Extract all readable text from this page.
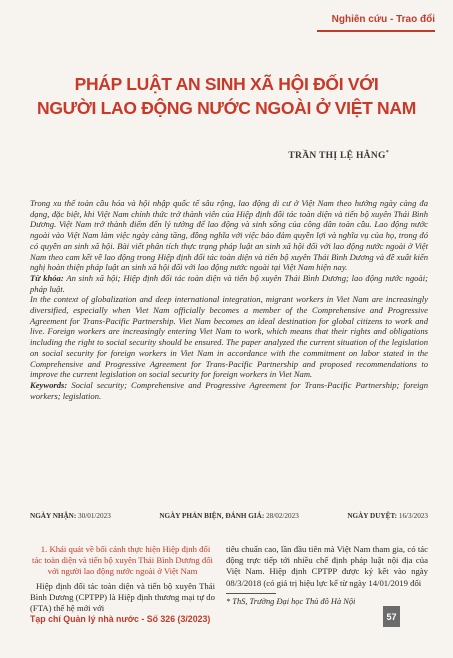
Nghiên cứu - Trao đổi
PHÁP LUẬT AN SINH XÃ HỘI ĐỐI VỚI
NGƯỜI LAO ĐỘNG NƯỚC NGOÀI Ở VIỆT NAM
TRẦN THỊ LỆ HẰNG*

Trong xu thế toàn cầu hóa và hội nhập quốc tế sâu rộng, lao động di cư ở Việt Nam theo hướng ngày càng đa dạng, đặc biệt, khi Việt Nam chính thức trở thành viên của Hiệp định đối tác toàn diện và tiến bộ xuyên Thái Bình Dương. Việt Nam trở thành điểm đến lý tưởng để lao động và sinh sống của công dân toàn cầu. Lao động nước ngoài vào Việt Nam làm việc ngày càng tăng, đồng nghĩa với việc bảo đảm quyền lợi và nghĩa vụ của họ, trong đó có quyền an sinh xã hội. Bài viết phân tích thực trạng pháp luật an sinh xã hội đối với lao động nước ngoài ở Việt Nam theo cam kết về lao động trong Hiệp định đối tác toàn diện và tiến bộ xuyên Thái Bình Dương và đề xuất kiến nghị hoàn thiện pháp luật an sinh xã hội đối với lao động nước ngoài tại Việt Nam hiện nay.

Từ khóa: An sinh xã hội; Hiệp định đối tác toàn diện và tiến bộ xuyên Thái Bình Dương; lao động nước ngoài; pháp luật.

In the context of globalization and deep international integration, migrant workers in Viet Nam are increasingly diversified, especially when Viet Nam officially becomes a member of the Comprehensive and Progressive Agreement for Trans-Pacific Partnership. Viet Nam becomes an ideal destination for global citizens to work and live. Foreign workers are increasingly entering Viet Nam to work, which means that their rights and obligations including the right to social security should be ensured. The paper analyzed the current situation of the legislation on social security for foreign workers in Viet Nam in accordance with the commitment on labor stated in the Comprehensive and Progressive Agreement for Trans-Pacific Partnership and proposed recommendations to improve the current legislation on social security for foreign workers in Viet Nam.

Keywords: Social security; Comprehensive and Progressive Agreement for Trans-Pacific Partnership; foreign workers; legislation.

NGÀY NHẬN: 30/01/2023	NGÀY PHẢN BIỆN, ĐÁNH GIÁ: 28/02/2023	NGÀY DUYỆT: 16/3/2023

1. Khái quát về bối cảnh thực hiện Hiệp định đối tác toàn diện và tiến bộ xuyên Thái Bình Dương đối với người lao động nước ngoài ở Việt Nam

Hiệp định đối tác toàn diện và tiến bộ xuyên Thái Bình Dương (CPTPP) là Hiệp định thương mại tự do (FTA) thế hệ mới với

tiêu chuẩn cao, lần đầu tiên mà Việt Nam tham gia, có tác động trực tiếp tới nhiều chế định pháp luật nội địa của Việt Nam. Hiệp định CPTPP được ký kết vào ngày 08/3/2018 (có giá trị hiệu lực kể từ ngày 14/01/2019 đối

* ThS, Trường Đại học Thủ đô Hà Nội

Tạp chí Quản lý nhà nước - Số 326 (3/2023)	57
